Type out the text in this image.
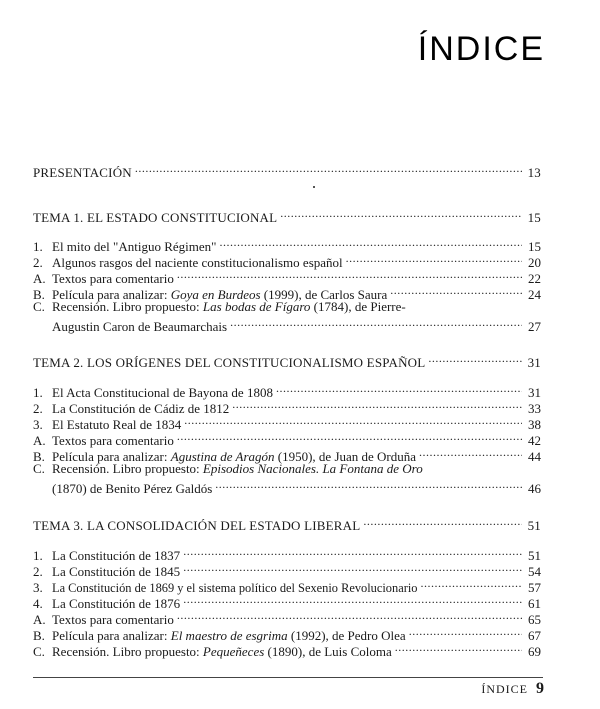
ÍNDICE
PRESENTACIÓN .....	13
TEMA 1. EL ESTADO CONSTITUCIONAL .....	15
1. El mito del "Antiguo Régimen" .....	15
2. Algunos rasgos del naciente constitucionalismo español .....	20
A. Textos para comentario .....	22
B. Película para analizar: Goya en Burdeos (1999), de Carlos Saura .....	24
C. Recensión. Libro propuesto: Las bodas de Fígaro (1784), de Pierre-
Augustin Caron de Beaumarchais .....	27
TEMA 2. LOS ORÍGENES DEL CONSTITUCIONALISMO ESPAÑOL .....	31
1. El Acta Constitucional de Bayona de 1808 .....	31
2. La Constitución de Cádiz de 1812 .....	33
3. El Estatuto Real de 1834 .....	38
A. Textos para comentario .....	42
B. Película para analizar: Agustina de Aragón (1950), de Juan de Orduña .....	44
C. Recensión. Libro propuesto: Episodios Nacionales. La Fontana de Oro
(1870) de Benito Pérez Galdós .....	46
TEMA 3. LA CONSOLIDACIÓN DEL ESTADO LIBERAL .....	51
1. La Constitución de 1837 .....	51
2. La Constitución de 1845 .....	54
3. La Constitución de 1869 y el sistema político del Sexenio Revolucionario .....	57
4. La Constitución de 1876 .....	61
A. Textos para comentario .....	65
B. Película para analizar: El maestro de esgrima (1992), de Pedro Olea .....	67
C. Recensión. Libro propuesto: Pequeñeces (1890), de Luis Coloma .....	69
ÍNDICE 9
